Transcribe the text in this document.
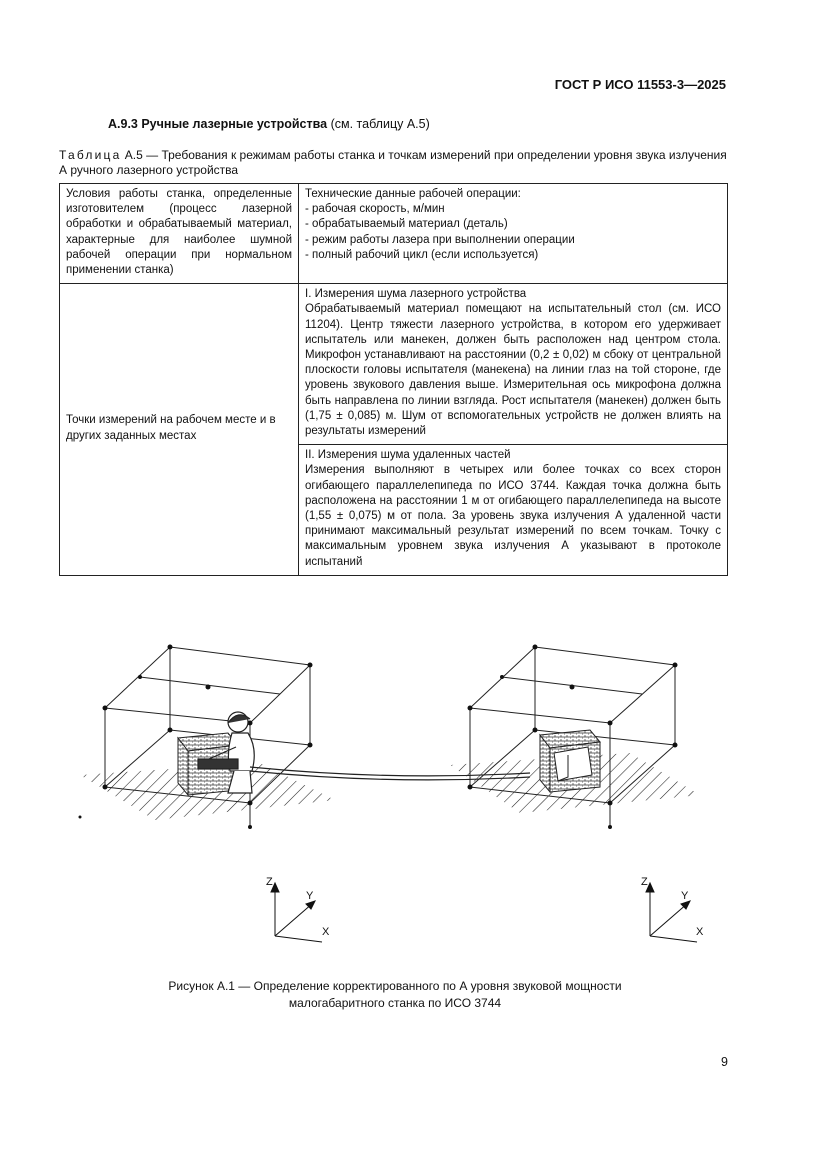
ГОСТ Р ИСО 11553-3—2025
А.9.3 Ручные лазерные устройства (см. таблицу А.5)
Таблица А.5 — Требования к режимам работы станка и точкам измерений при определении уровня звука излучения А ручного лазерного устройства
Условия работы станка, определенные изготовителем (процесс лазерной обработки и обрабатываемый материал, характерные для наиболее шумной рабочей операции при нормальном применении станка)	Технические данные рабочей операции:
- рабочая скорость, м/мин
- обрабатываемый материал (деталь)
- режим работы лазера при выполнении операции
- полный рабочий цикл (если используется)

Точки измерений на рабочем месте и в других заданных местах	I. Измерения шума лазерного устройства
Обрабатываемый материал помещают на испытательный стол (см. ИСО 11204). Центр тяжести лазерного устройства, в котором его удерживает испытатель или манекен, должен быть расположен над центром стола. Микрофон устанавливают на расстоянии (0,2 ± 0,02) м сбоку от центральной плоскости головы испытателя (манекена) на линии глаз на той стороне, где уровень звукового давления выше. Измерительная ось микрофона должна быть направлена по линии взгляда. Рост испытателя (манекен) должен быть (1,75 ± 0,085) м. Шум от вспомогательных устройств не должен влиять на результаты измерений

	II. Измерения шума удаленных частей
Измерения выполняют в четырех или более точках со всех сторон огибающего параллелепипеда по ИСО 3744. Каждая точка должна быть расположена на расстоянии 1 м от огибающего параллелепипеда на высоте (1,55 ± 0,075) м от пола. За уровень звука излучения А удаленной части принимают максимальный результат измерений по всем точкам. Точку с максимальным уровнем звука излучения А указывают в протоколе испытаний
Z
Y
X
Z
Y
X
Рисунок А.1 — Определение корректированного по А уровня звуковой мощности
малогабаритного станка по ИСО 3744
9
